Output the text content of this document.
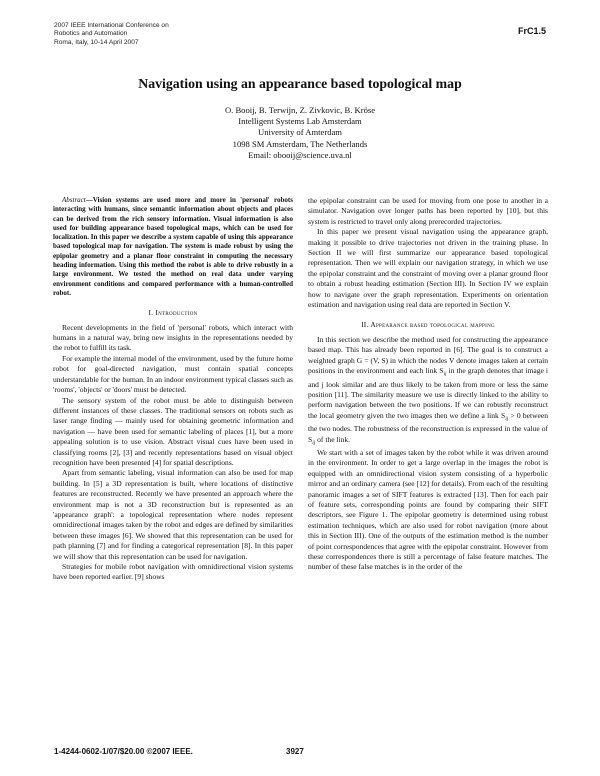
2007 IEEE International Conference on
Robotics and Automation
Roma, Italy, 10-14 April 2007
FrC1.5
Navigation using an appearance based topological map
O. Booij, B. Terwijn, Z. Zivkovic, B. Kröse
Intelligent Systems Lab Amsterdam
University of Amterdam
1098 SM Amsterdam, The Netherlands
Email: obooij@science.uva.nl

Abstract—Vision systems are used more and more in 'personal' robots interacting with humans, since semantic information about objects and places can be derived from the rich sensory information. Visual information is also used for building appearance based topological maps, which can be used for localization. In this paper we describe a system capable of using this appearance based topological map for navigation. The system is made robust by using the epipolar geometry and a planar floor constraint in computing the necessary heading information. Using this method the robot is able to drive robustly in a large environment. We tested the method on real data under varying environment conditions and compared performance with a human-controlled robot.

I. Introduction

Recent developments in the field of 'personal' robots, which interact with humans in a natural way, bring new insights in the representations needed by the robot to fulfill its task.

For example the internal model of the environment, used by the future home robot for goal-directed navigation, must contain spatial concepts understandable for the human. In an indoor environment typical classes such as 'rooms', 'objects' or 'doors' must be detected.

The sensory system of the robot must be able to distinguish between different instances of these classes. The traditional sensors on robots such as laser range finding — mainly used for obtaining geometric information and navigation — have been used for semantic labeling of places [1], but a more appealing solution is to use vision. Abstract visual cues have been used in classifying rooms [2], [3] and recently representations based on visual object recognition have been presented [4] for spatial descriptions.

Apart from semantic labeling, visual information can also be used for map building. In [5] a 3D representation is built, where locations of distinctive features are reconstructed. Recently we have presented an approach where the environment map is not a 3D reconstruction but is represented as an 'appearance graph': a topological representation where nodes represent omnidirectional images taken by the robot and edges are defined by similarities between these images [6]. We showed that this representation can be used for path planning [7] and for finding a categorical representation [8]. In this paper we will show that this representation can be used for navigation.

Strategies for mobile robot navigation with omnidirectional vision systems have been reported earlier. [9] shows

the epipolar constraint can be used for moving from one pose to another in a simulator. Navigation over longer paths has been reported by [10], but this system is restricted to travel only along prerecorded trajectories.

In this paper we present visual navigation using the appearance graph, making it possible to drive trajectories not driven in the training phase. In Section II we will first summarize our appearance based topological representation. Then we will explain our navigation strategy, in which we use the epipolar constraint and the constraint of moving over a planar ground floor to obtain a robust heading estimation (Section III). In Section IV we explain how to navigate over the graph representation. Experiments on orientation estimation and navigation using real data are reported in Section V.

II. Appearance based topological mapping

In this section we describe the method used for constructing the appearance based map. This has already been reported in [6]. The goal is to construct a weighted graph G = (V, S) in which the nodes V denote images taken at certain positions in the environment and each link $S_{ij}$ in the graph denotes that image i and j look similar and are thus likely to be taken from more or less the same position [11]. The similarity measure we use is directly linked to the ability to perform navigation between the two positions. If we can robustly reconstruct the local geometry given the two images then we define a link $S_{ij} > 0$ between the two nodes. The robustness of the reconstruction is expressed in the value of $S_{ij}$ of the link.

We start with a set of images taken by the robot while it was driven around in the environment. In order to get a large overlap in the images the robot is equipped with an omnidirectional vision system consisting of a hyperbolic mirror and an ordinary camera (see [12] for details). From each of the resulting panoramic images a set of SIFT features is extracted [13]. Then for each pair of feature sets, corresponding points are found by comparing their SIFT descriptors, see Figure 1. The epipolar geometry is determined using robust estimation techniques, which are also used for robot navigation (more about this in Section III). One of the outputs of the estimation method is the number of point correspondences that agree with the epipolar constraint. However from these correspondences there is still a percentage of false feature matches. The number of these false matches is in the order of the

1-4244-0602-1/07/$20.00 ©2007 IEEE.	3927
